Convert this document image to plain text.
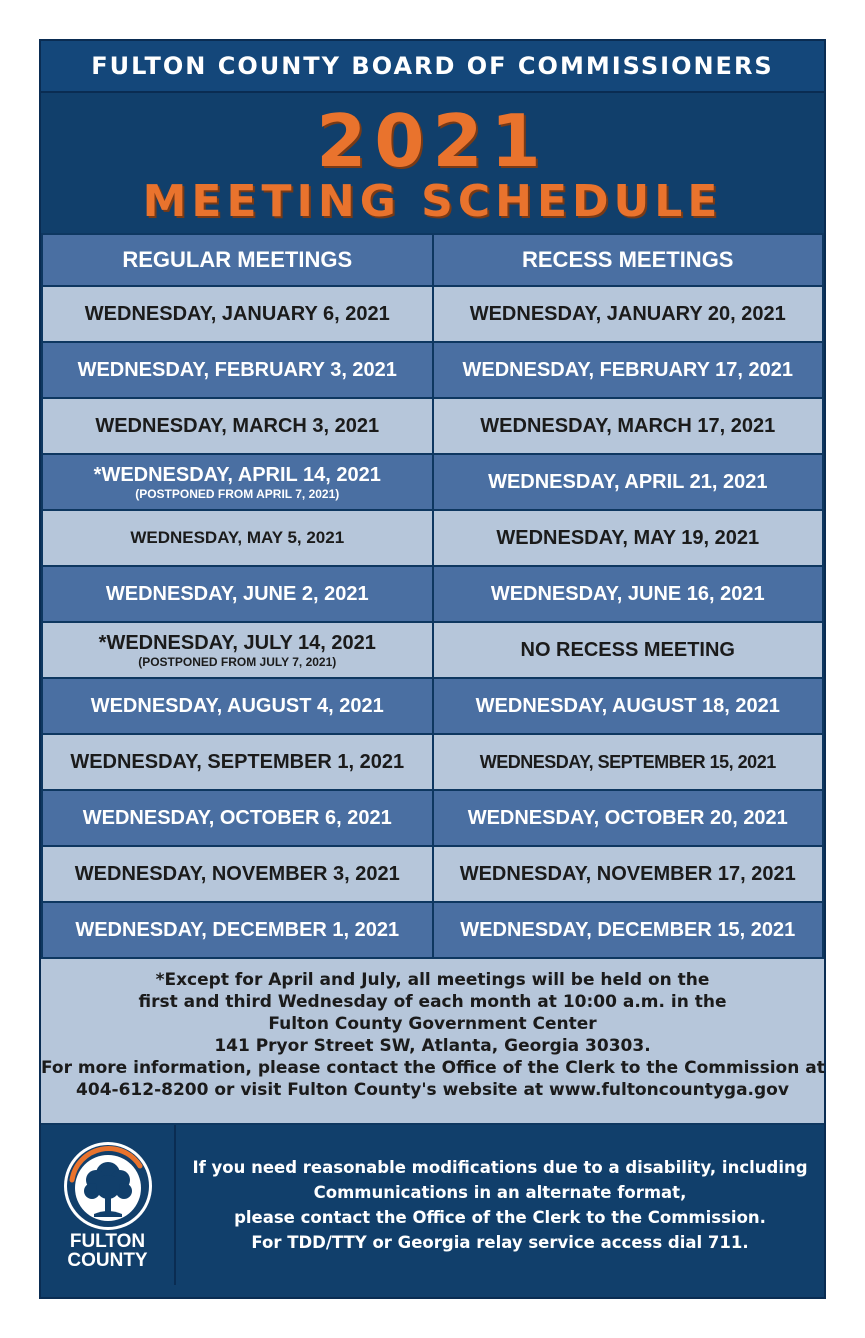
FULTON COUNTY BOARD OF COMMISSIONERS
2021
MEETING SCHEDULE
REGULAR MEETINGS	RECESS MEETINGS

WEDNESDAY, JANUARY 6, 2021	WEDNESDAY, JANUARY 20, 2021

WEDNESDAY, FEBRUARY 3, 2021	WEDNESDAY, FEBRUARY 17, 2021

WEDNESDAY, MARCH 3, 2021	WEDNESDAY, MARCH 17, 2021

*WEDNESDAY, APRIL 14, 2021
(POSTPONED FROM APRIL 7, 2021)	WEDNESDAY, APRIL 21, 2021

WEDNESDAY, MAY 5, 2021	WEDNESDAY, MAY 19, 2021

WEDNESDAY, JUNE 2, 2021	WEDNESDAY, JUNE 16, 2021

*WEDNESDAY, JULY 14, 2021
(POSTPONED FROM JULY 7, 2021)	NO RECESS MEETING

WEDNESDAY, AUGUST 4, 2021	WEDNESDAY, AUGUST 18, 2021

WEDNESDAY, SEPTEMBER 1, 2021	WEDNESDAY, SEPTEMBER 15, 2021

WEDNESDAY, OCTOBER 6, 2021	WEDNESDAY, OCTOBER 20, 2021

WEDNESDAY, NOVEMBER 3, 2021	WEDNESDAY, NOVEMBER 17, 2021

WEDNESDAY, DECEMBER 1, 2021	WEDNESDAY, DECEMBER 15, 2021
*Except for April and July, all meetings will be held on the
first and third Wednesday of each month at 10:00 a.m. in the
Fulton County Government Center
141 Pryor Street SW, Atlanta, Georgia 30303.
For more information, please contact the Office of the Clerk to the Commission at
404-612-8200 or visit Fulton County's website at www.fultoncountyga.gov
FULTON
COUNTY
If you need reasonable modifications due to a disability, including
Communications in an alternate format,
please contact the Office of the Clerk to the Commission.
For TDD/TTY or Georgia relay service access dial 711.
